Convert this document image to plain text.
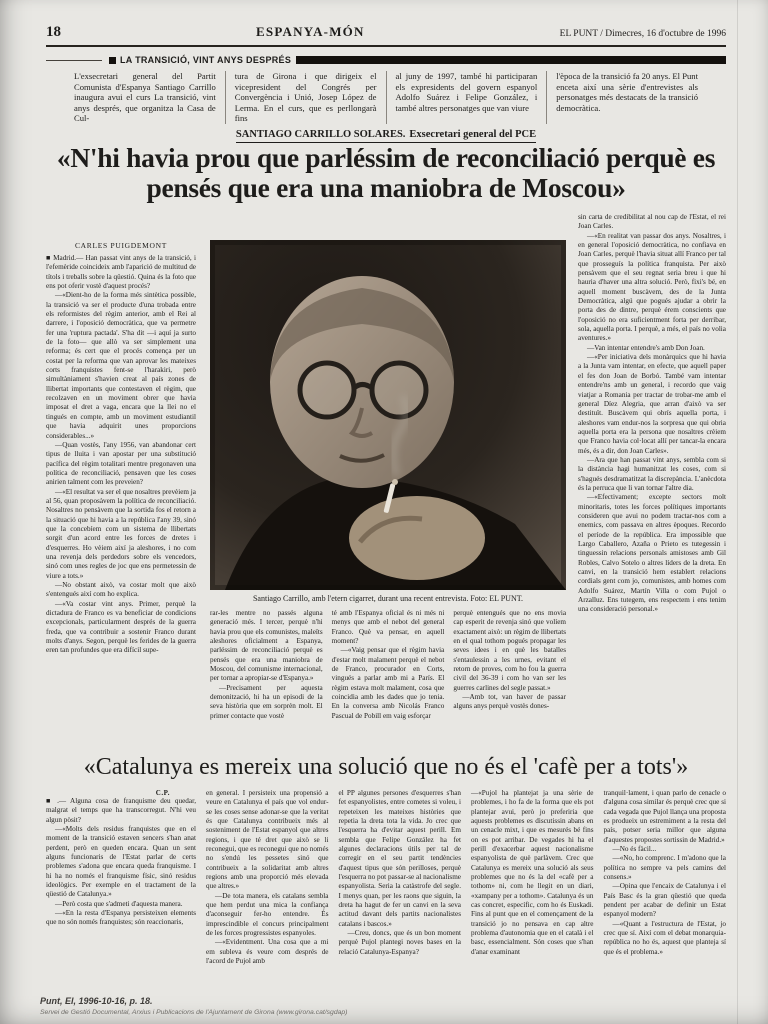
18	ESPANYA-MÓN	EL PUNT / Dimecres, 16 d'octubre de 1996
LA TRANSICIÓ, VINT ANYS DESPRÉS
L'exsecretari general del Partit Comunista d'Espanya Santiago Carrillo inaugura avui el curs La transició, vint anys després, que organitza la Casa de Cul-
tura de Girona i que dirigeix el vicepresident del Congrés per Convergència i Unió, Josep López de Lerma. En el curs, que es perllongarà fins
al juny de 1997, també hi participaran els expresidents del govern espanyol Adolfo Suárez i Felipe González, i també altres personatges que van viure
l'època de la transició fa 20 anys. El Punt enceta així una sèrie d'entrevistes als personatges més destacats de la transició democràtica.
SANTIAGO CARRILLO SOLARES. Exsecretari general del PCE
«N'hi havia prou que parléssim de reconciliació perquè es pensés que era una maniobra de Moscou»
CARLES PUIGDEMONT

■ Madrid.— Han passat vint anys de la transició, i l'efemèride coincideix amb l'aparició de multitud de títols i treballs sobre la qüestió. Quina és la foto que ens pot oferir vostè d'aquest procés?

—«Dient-ho de la forma més sintètica possible, la transició va ser el producte d'una trobada entre els reformistes del règim anterior, amb el Rei al darrere, i l'oposició democràtica, que va permetre fer una 'ruptura pactada'. S'ha dit —i aquí ja surto de la foto— que allò va ser simplement una reforma; és cert que el procés comença per un costat per la reforma que van aprovar les mateixes corts franquistes fent-se l'harakiri, però simultàniament s'havien creat al país zones de llibertat importants que contestaven el règim, que recolzaven en un moviment obrer que havia imposat el dret a vaga, encara que la llei no el tingués en compte, amb un moviment estudiantil que havia adquirit unes proporcions considerables...»

—Quan vostès, l'any 1956, van abandonar cert tipus de lluita i van apostar per una substitució pacífica del règim totalitari mentre pregonaven una política de reconciliació, pensaven que les coses anirien talment com les preveien?

—«El resultat va ser el que nosaltres prevèiem ja al 56, quan proposàvem la política de reconciliació. Nosaltres no pensàvem que la sortida fos el retorn a la situació que hi havia a la república l'any 39, sinó que la concebíem com un sistema de llibertats sorgit d'un acord entre les forces de dretes i d'esquerres. Ho vèiem així ja aleshores, i no com una revenja dels perdedors sobre els vencedors, sinó com unes regles de joc que ens permetessin de viure a tots.»

—No obstant això, va costar molt que això s'entengués així com ho explica.

—«Va costar vint anys. Primer, perquè la dictadura de Franco es va beneficiar de condicions excepcionals, particularment després de la guerra freda, que va contribuir a sostenir Franco durant molts d'anys. Segon, perquè les ferides de la guerra eren tan profundes que era difícil supe-

Santiago Carrillo, amb l'etern cigarret, durant una recent entrevista. Foto: EL PUNT.

rar-les mentre no passés alguna generació més. I tercer, perquè n'hi havia prou que els comunistes, maleïts aleshores oficialment a Espanya, parléssim de reconciliació perquè es pensés que era una maniobra de Moscou, del comunisme internacional, per tornar a apropiar-se d'Espanya.»

—Precisament per aquesta demonització, hi ha un episodi de la seva història que em sorprèn molt. El primer contacte que vostè

té amb l'Espanya oficial és ni més ni menys que amb el nebot del general Franco. Què va pensar, en aquell moment?

—«Vaig pensar que el règim havia d'estar molt malament perquè el nebot de Franco, procurador en Corts, vingués a parlar amb mi a París. El règim estava molt malament, cosa que coincidia amb les dades que jo tenia. En la conversa amb Nicolás Franco Pascual de Pobill em vaig esforçar

perquè entengués que no ens movia cap esperit de revenja sinó que volíem exactament això: un règim de llibertats en el qual tothom pogués propagar les seves idees i en què les batalles s'entaulessin a les urnes, evitant el retorn de proves, com ho fou la guerra civil del 36-39 i com ho van ser les guerres carlines del segle passat.»

—Amb tot, van haver de passar alguns anys perquè vostès dones-

sin carta de credibilitat al nou cap de l'Estat, el rei Joan Carles.

—«En realitat van passar dos anys. Nosaltres, i en general l'oposició democràtica, no confiava en Joan Carles, perquè l'havia situat allí Franco per tal que prosseguís la política franquista. Per això pensàvem que el seu regnat seria breu i que hi hauria d'haver una altra solució. Però, fixi's bé, en aquell moment buscàvem, des de la Junta Democràtica, algú que pogués ajudar a obrir la porta des de dintre, perquè érem conscients que l'oposició no era suficientment forta per derribar, sola, aquella porta. I perquè, a més, el país no volia aventures.»

—Van intentar entendre's amb Don Joan.

—«Per iniciativa dels monàrquics que hi havia a la Junta vam intentar, en efecte, que aquell paper el fes don Joan de Borbó. També vam intentar entendre'ns amb un general, i recordo que vaig viatjar a Romania per tractar de trobar-me amb el general Díez Alegria, que arran d'això va ser destituït. Buscàvem qui obrís aquella porta, i aleshores vam endur-nos la sorpresa que qui obria aquella porta era la persona que nosaltres crèiem que Franco havia col·locat allí per tancar-la encara més, és a dir, don Joan Carles».

—Ara que han passat vint anys, sembla com si la distància hagi humanitzat les coses, com si s'hagués desdramatitzat la discrepància. L'anècdota és la perruca que li van tornar l'altre dia.

—«Efectivament; excepte sectors molt minoritaris, totes les forces polítiques importants consideren que avui no podem tractar-nos com a enemics, com passava en altres èpoques. Recordo el període de la república. Era impossible que Largo Caballero, Azaña o Prieto es tutegessin i tinguessin relacions personals amistoses amb Gil Robles, Calvo Sotelo o altres líders de la dreta. En canvi, en la transició hem establert relacions cordials gent com jo, comunistes, amb homes com Adolfo Suárez, Martín Villa o com Pujol o Arzalluz. Ens tutegem, ens respectem i ens tenim una consideració personal.»

«Catalunya es mereix una solució que no és el 'cafè per a tots'»
C.P.

■ .— Alguna cosa de franquisme deu quedar, malgrat el temps que ha transcorregut. N'hi veu algun pòsit?

—«Molts dels residus franquistes que en el moment de la transició estaven sencers s'han anat perdent, però en queden encara. Quan un sent alguns funcionaris de l'Estat parlar de certs problemes s'adona que encara queda franquisme. I hi ha no només el franquisme físic, sinó residus ideològics. Per exemple en el tractament de la qüestió de Catalunya.»

—Però costa que s'admeti d'aquesta manera.

—«En la resta d'Espanya persisteixen elements que no són només franquistes; són reaccionaris,

en general. I persisteix una propensió a veure en Catalunya el país que vol endur-se les coses sense adonar-se que la veritat és que Catalunya contribueix més al sosteniment de l'Estat espanyol que altres regions, i que té dret que això se li reconegui, que es reconegui que no només no s'endú les pessetes sinó que contribueix a la solidaritat amb altres regions amb una proporció més elevada que altres.»

—De tota manera, els catalans sembla que hem perdut una mica la confiança d'aconseguir fer-ho entendre. És imprescindible el concurs principalment de les forces progressistes espanyoles.

—«Evidentment. Una cosa que a mi em subleva és veure com després de l'acord de Pujol amb

el PP algunes persones d'esquerres s'han fet espanyolistes, entre cometes si voleu, i repeteixen les mateixes històries que repetia la dreta tota la vida. Jo crec que l'esquerra ha d'evitar aquest perill. Em sembla que Felipe González ha fet algunes declaracions útils per tal de corregir en el seu partit tendències d'aquest tipus que són perilloses, perquè l'esquerra no pot passar-se al nacionalisme espanyolista. Seria la catàstrofe del segle. I menys quan, per les raons que siguin, la dreta ha hagut de fer un canvi en la seva actitud davant dels partits nacionalistes catalans i bascos.»

—Creu, doncs, que és un bon moment perquè Pujol plantegi noves bases en la relació Catalunya-Espanya?

—«Pujol ha plantejat ja una sèrie de problemes, i ho fa de la forma que els pot plantejar avui, però jo preferiria que aquests problemes es discutissin abans en un cenacle mixt, i que es mesurés bé fins on es pot arribar. De vegades hi ha el perill d'exacerbar aquest nacionalisme espanyolista de què parlàvem. Crec que Catalunya es mereix una solució als seus problemes que no és la del «cafè per a tothom» ni, com he llegit en un diari, «xampany per a tothom». Catalunya és un cas concret, específic, com ho és Euskadi. Fins al punt que en el començament de la transició jo no pensava en cap altre problema d'autonomia que en el català i el basc, essencialment. Són coses que s'han d'anar examinant

tranquil·lament, i quan parlo de cenacle o d'alguna cosa similar és perquè crec que si cada vegada que Pujol llança una proposta es produeix un estremiment a la resta del país, potser seria millor que alguna d'aquestes propostes sortissin de Madrid.»

—No és fàcil...

—«No, ho comprenc. I m'adono que la política no sempre va pels camins del consens.»

—Opina que l'encaix de Catalunya i el País Basc és la gran qüestió que queda pendent per acabar de definir un Estat espanyol modern?

—«Quant a l'estructura de l'Estat, jo crec que sí. Així com el debat monarquia-república no ho és, aquest que planteja sí que és el problema.»

Punt, El, 1996-10-16, p. 18.
Servei de Gestió Documental, Arxius i Publicacions de l'Ajuntament de Girona (www.girona.cat/sgdap)
